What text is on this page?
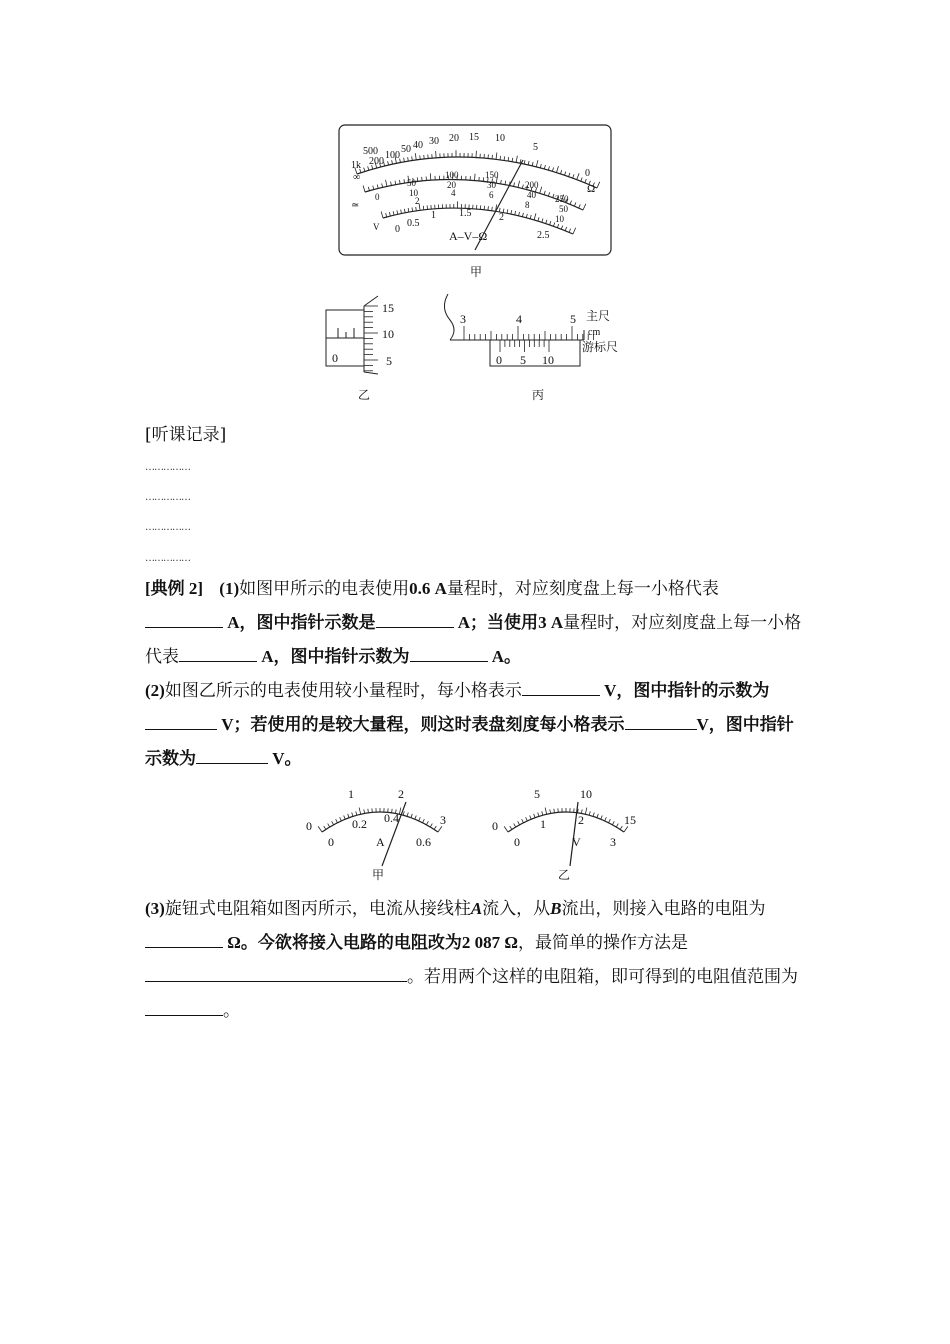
∞
1k
500
200
100
50 40 30 20 15 10
5
0
Ω
0
50
100	150
200
250
10
20	30
40
50
2
4	6
8
10
0
0.5
1 1.5	2
2.5
≃
V
A–V–Ω
甲
15
10
5
0
乙
3	4	5 主尺
cm
游标尺
0 5 10
丙
[听课记录]
……………
……………
……………
……………
[典例 2] (1)如图甲所示的电表使用0.6 A量程时，对应刻度盘上每一小格代表
A，图中指针示数是	A；当使用3 A量程时，对应刻度盘上每一小格代表	A，图中指针示数为	A。
(2)如图乙所示的电表使用较小量程时，每小格表示	V，图中指针的示数为 V；若使用的是较大量程，则这时表盘刻度每小格表示	V，图中指针示数为	V。
0
1	2
3
0
0.2 0.4
0.6
A
甲
0
5	10
15
0
1	2
3
V
乙
(3)旋钮式电阻箱如图丙所示，电流从接线柱A流入，从B流出，则接入电路的电阻为 Ω。今欲将接入电路的电阻改为2 087 Ω，最简单的操作方法是
。若用两个这样的电阻箱，即可得到的电阻值范围为。
